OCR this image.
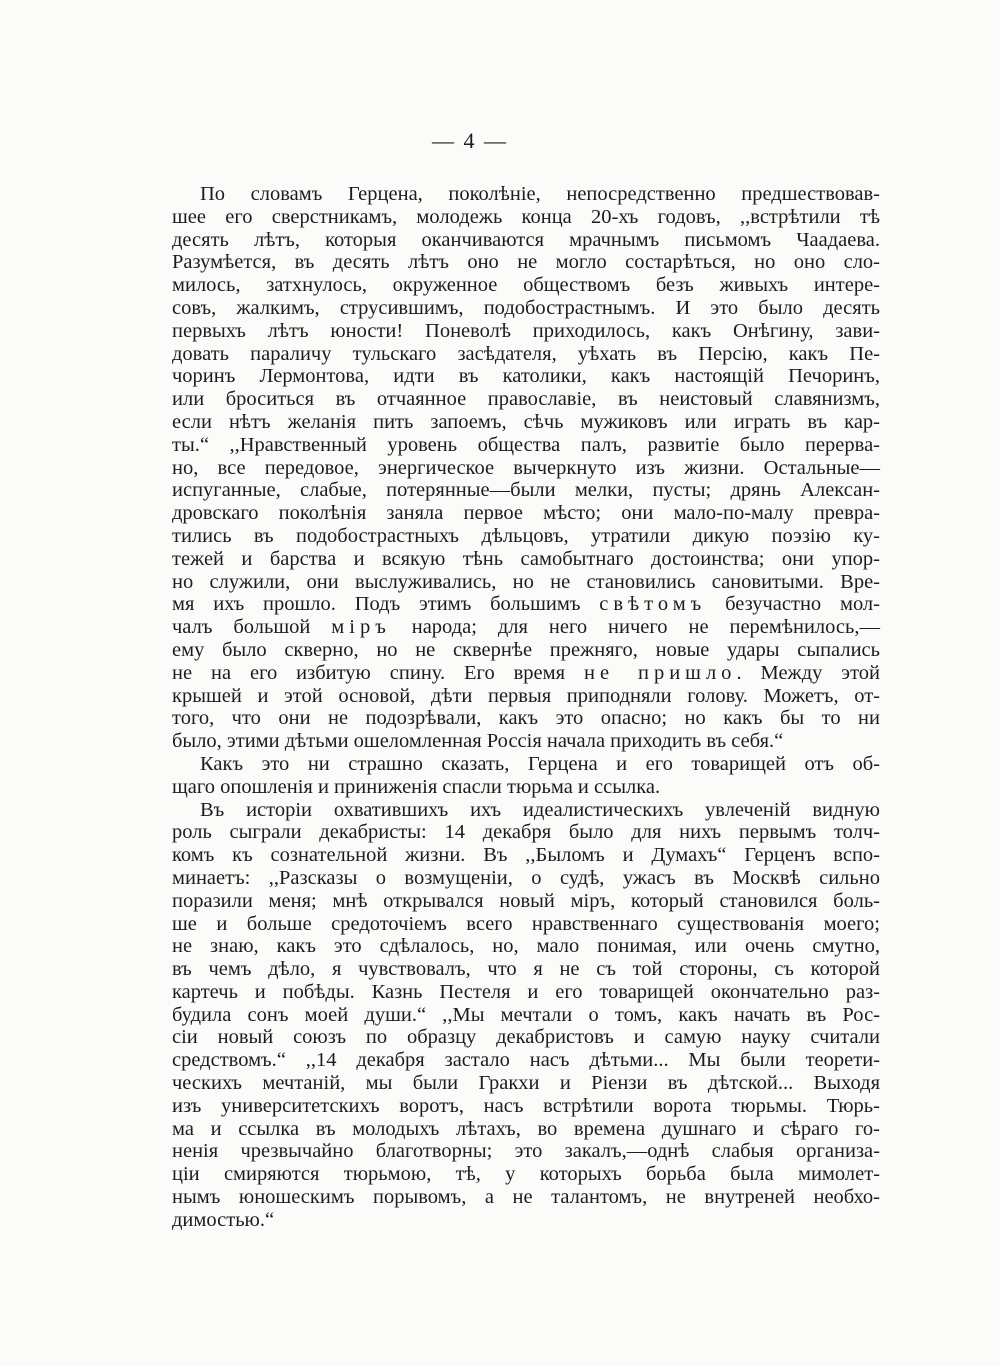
— 4 —
По словамъ Герцена, поколѣніе, непосредственно предшествовав-
шее его сверстникамъ, молодежь конца 20-хъ годовъ, ,,встрѣтили тѣ
десять лѣтъ, которыя оканчиваются мрачнымъ письмомъ Чаадаева.
Разумѣется, въ десять лѣтъ оно не могло состарѣться, но оно сло-
милось, затхнулось, окруженное обществомъ безъ живыхъ интере-
совъ, жалкимъ, струсившимъ, подобострастнымъ. И это было десять
первыхъ лѣтъ юности! Поневолѣ приходилось, какъ Онѣгину, зави-
довать параличу тульскаго засѣдателя, уѣхать въ Персію, какъ Пе-
чоринъ Лермонтова, идти въ католики, какъ настоящій Печоринъ,
или броситься въ отчаянное православіе, въ неистовый славянизмъ,
если нѣтъ желанія пить запоемъ, сѣчь мужиковъ или играть въ кар-
ты.“ ,,Нравственный уровень общества палъ, развитіе было перерва-
но, все передовое, энергическое вычеркнуто изъ жизни. Остальные—
испуганные, слабые, потерянные—были мелки, пусты; дрянь Алексан-
дровскаго поколѣнія заняла первое мѣсто; они мало-по-малу превра-
тились въ подобострастныхъ дѣльцовъ, утратили дикую поэзію ку-
тежей и барства и всякую тѣнь самобытнаго достоинства; они упор-
но служили, они выслуживались, но не становились сановитыми. Вре-
мя ихъ прошло. Подъ этимъ большимъ свѣтомъ безучастно мол-
чалъ большой міръ народа; для него ничего не перемѣнилось,—
ему было скверно, но не сквернѣе прежняго, новые удары сыпались
не на его избитую спину. Его время не пришло. Между этой
крышей и этой основой, дѣти первыя приподняли голову. Можетъ, от-
того, что они не подозрѣвали, какъ это опасно; но какъ бы то ни
было, этими дѣтьми ошеломленная Россія начала приходить въ себя.“
Какъ это ни страшно сказать, Герцена и его товарищей отъ об-
щаго опошленія и приниженія спасли тюрьма и ссылка.
Въ исторіи охватившихъ ихъ идеалистическихъ увлеченій видную
роль сыграли декабристы: 14 декабря было для нихъ первымъ толч-
комъ къ сознательной жизни. Въ ,,Быломъ и Думахъ“ Герценъ вспо-
минаетъ: ,,Разсказы о возмущеніи, о судѣ, ужасъ въ Москвѣ сильно
поразили меня; мнѣ открывался новый міръ, который становился боль-
ше и больше средоточіемъ всего нравственнаго существованія моего;
не знаю, какъ это сдѣлалось, но, мало понимая, или очень смутно,
въ чемъ дѣло, я чувствовалъ, что я не съ той стороны, съ которой
картечь и побѣды. Казнь Пестеля и его товарищей окончательно раз-
будила сонъ моей души.“ ,,Мы мечтали о томъ, какъ начать въ Рос-
сіи новый союзъ по образцу декабристовъ и самую науку считали
средствомъ.“ ,,14 декабря застало насъ дѣтьми... Мы были теорети-
ческихъ мечтаній, мы были Гракхи и Ріензи въ дѣтской... Выходя
изъ университетскихъ воротъ, насъ встрѣтили ворота тюрьмы. Тюрь-
ма и ссылка въ молодыхъ лѣтахъ, во времена душнаго и сѣраго го-
ненія чрезвычайно благотворны; это закалъ,—однѣ слабыя организа-
ціи смиряются тюрьмою, тѣ, у которыхъ борьба была мимолет-
нымъ юношескимъ порывомъ, а не талантомъ, не внутреней необхо-
димостью.“
